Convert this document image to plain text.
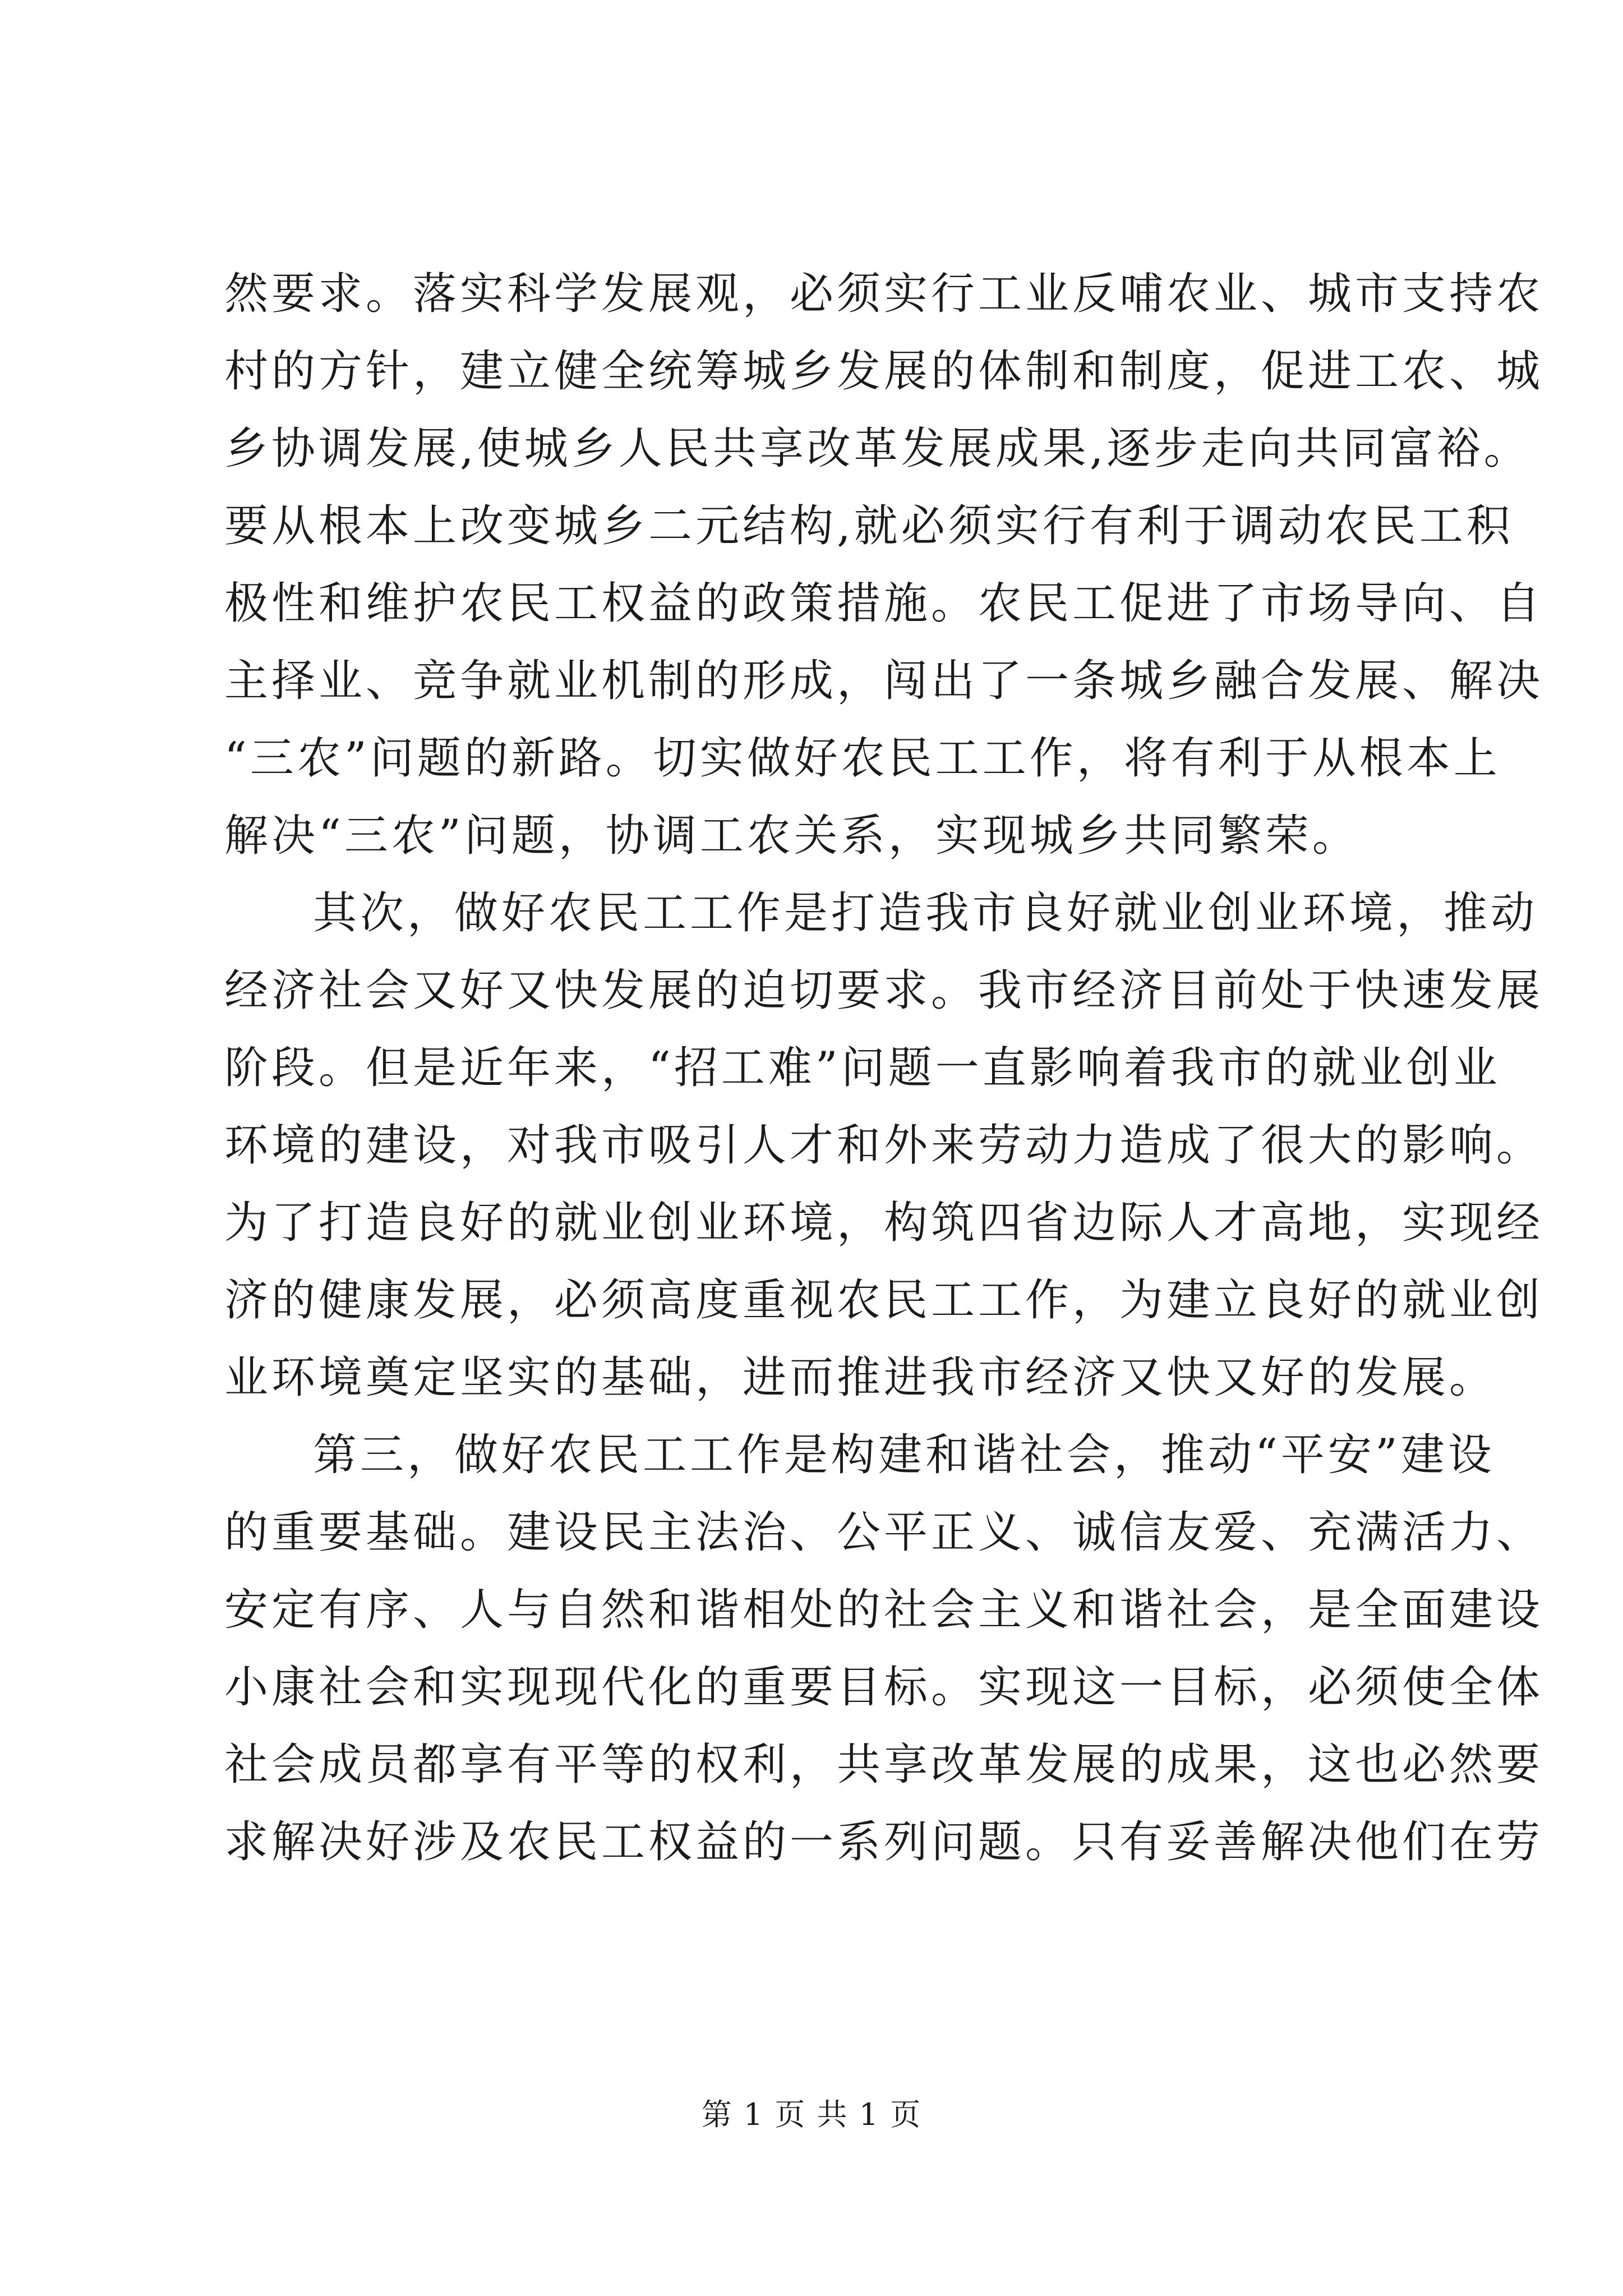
然要求。落实科学发展观，必须实行工业反哺农业、城市支持农
村的方针，建立健全统筹城乡发展的体制和制度，促进工农、城
乡协调发展,使城乡人民共享改革发展成果,逐步走向共同富裕。
要从根本上改变城乡二元结构,就必须实行有利于调动农民工积
极性和维护农民工权益的政策措施。农民工促进了市场导向、自
主择业、竞争就业机制的形成，闯出了一条城乡融合发展、解决
“三农”问题的新路。切实做好农民工工作，将有利于从根本上
解决“三农”问题，协调工农关系，实现城乡共同繁荣。
其次，做好农民工工作是打造我市良好就业创业环境，推动
经济社会又好又快发展的迫切要求。我市经济目前处于快速发展
阶段。但是近年来，“招工难”问题一直影响着我市的就业创业
环境的建设，对我市吸引人才和外来劳动力造成了很大的影响。
为了打造良好的就业创业环境，构筑四省边际人才高地，实现经
济的健康发展，必须高度重视农民工工作，为建立良好的就业创
业环境奠定坚实的基础，进而推进我市经济又快又好的发展。
第三，做好农民工工作是构建和谐社会，推动“平安”建设
的重要基础。建设民主法治、公平正义、诚信友爱、充满活力、
安定有序、人与自然和谐相处的社会主义和谐社会，是全面建设
小康社会和实现现代化的重要目标。实现这一目标，必须使全体
社会成员都享有平等的权利，共享改革发展的成果，这也必然要
求解决好涉及农民工权益的一系列问题。只有妥善解决他们在劳
第 1 页 共 1 页
